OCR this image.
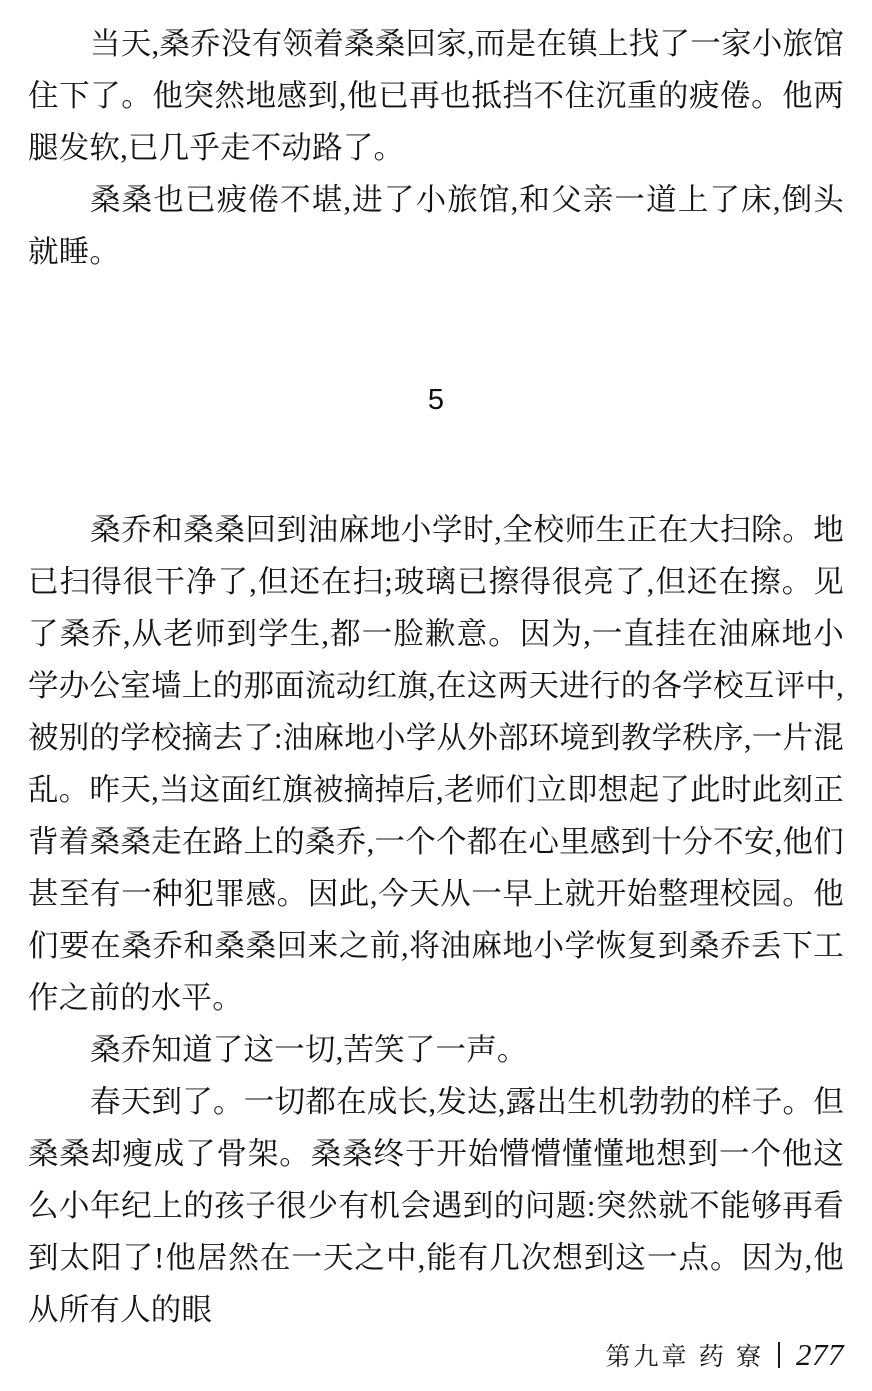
当天,桑乔没有领着桑桑回家,而是在镇上找了一家小旅馆住下了。他突然地感到,他已再也抵挡不住沉重的疲倦。他两腿发软,已几乎走不动路了。

桑桑也已疲倦不堪,进了小旅馆,和父亲一道上了床,倒头就睡。

5

桑乔和桑桑回到油麻地小学时,全校师生正在大扫除。地已扫得很干净了,但还在扫;玻璃已擦得很亮了,但还在擦。见了桑乔,从老师到学生,都一脸歉意。因为,一直挂在油麻地小学办公室墙上的那面流动红旗,在这两天进行的各学校互评中,被别的学校摘去了:油麻地小学从外部环境到教学秩序,一片混乱。昨天,当这面红旗被摘掉后,老师们立即想起了此时此刻正背着桑桑走在路上的桑乔,一个个都在心里感到十分不安,他们甚至有一种犯罪感。因此,今天从一早上就开始整理校园。他们要在桑乔和桑桑回来之前,将油麻地小学恢复到桑乔丢下工作之前的水平。

桑乔知道了这一切,苦笑了一声。

春天到了。一切都在成长,发达,露出生机勃勃的样子。但桑桑却瘦成了骨架。桑桑终于开始懵懵懂懂地想到一个他这么小年纪上的孩子很少有机会遇到的问题:突然就不能够再看到太阳了!他居然在一天之中,能有几次想到这一点。因为,他从所有人的眼

第九章 药 寮 277
